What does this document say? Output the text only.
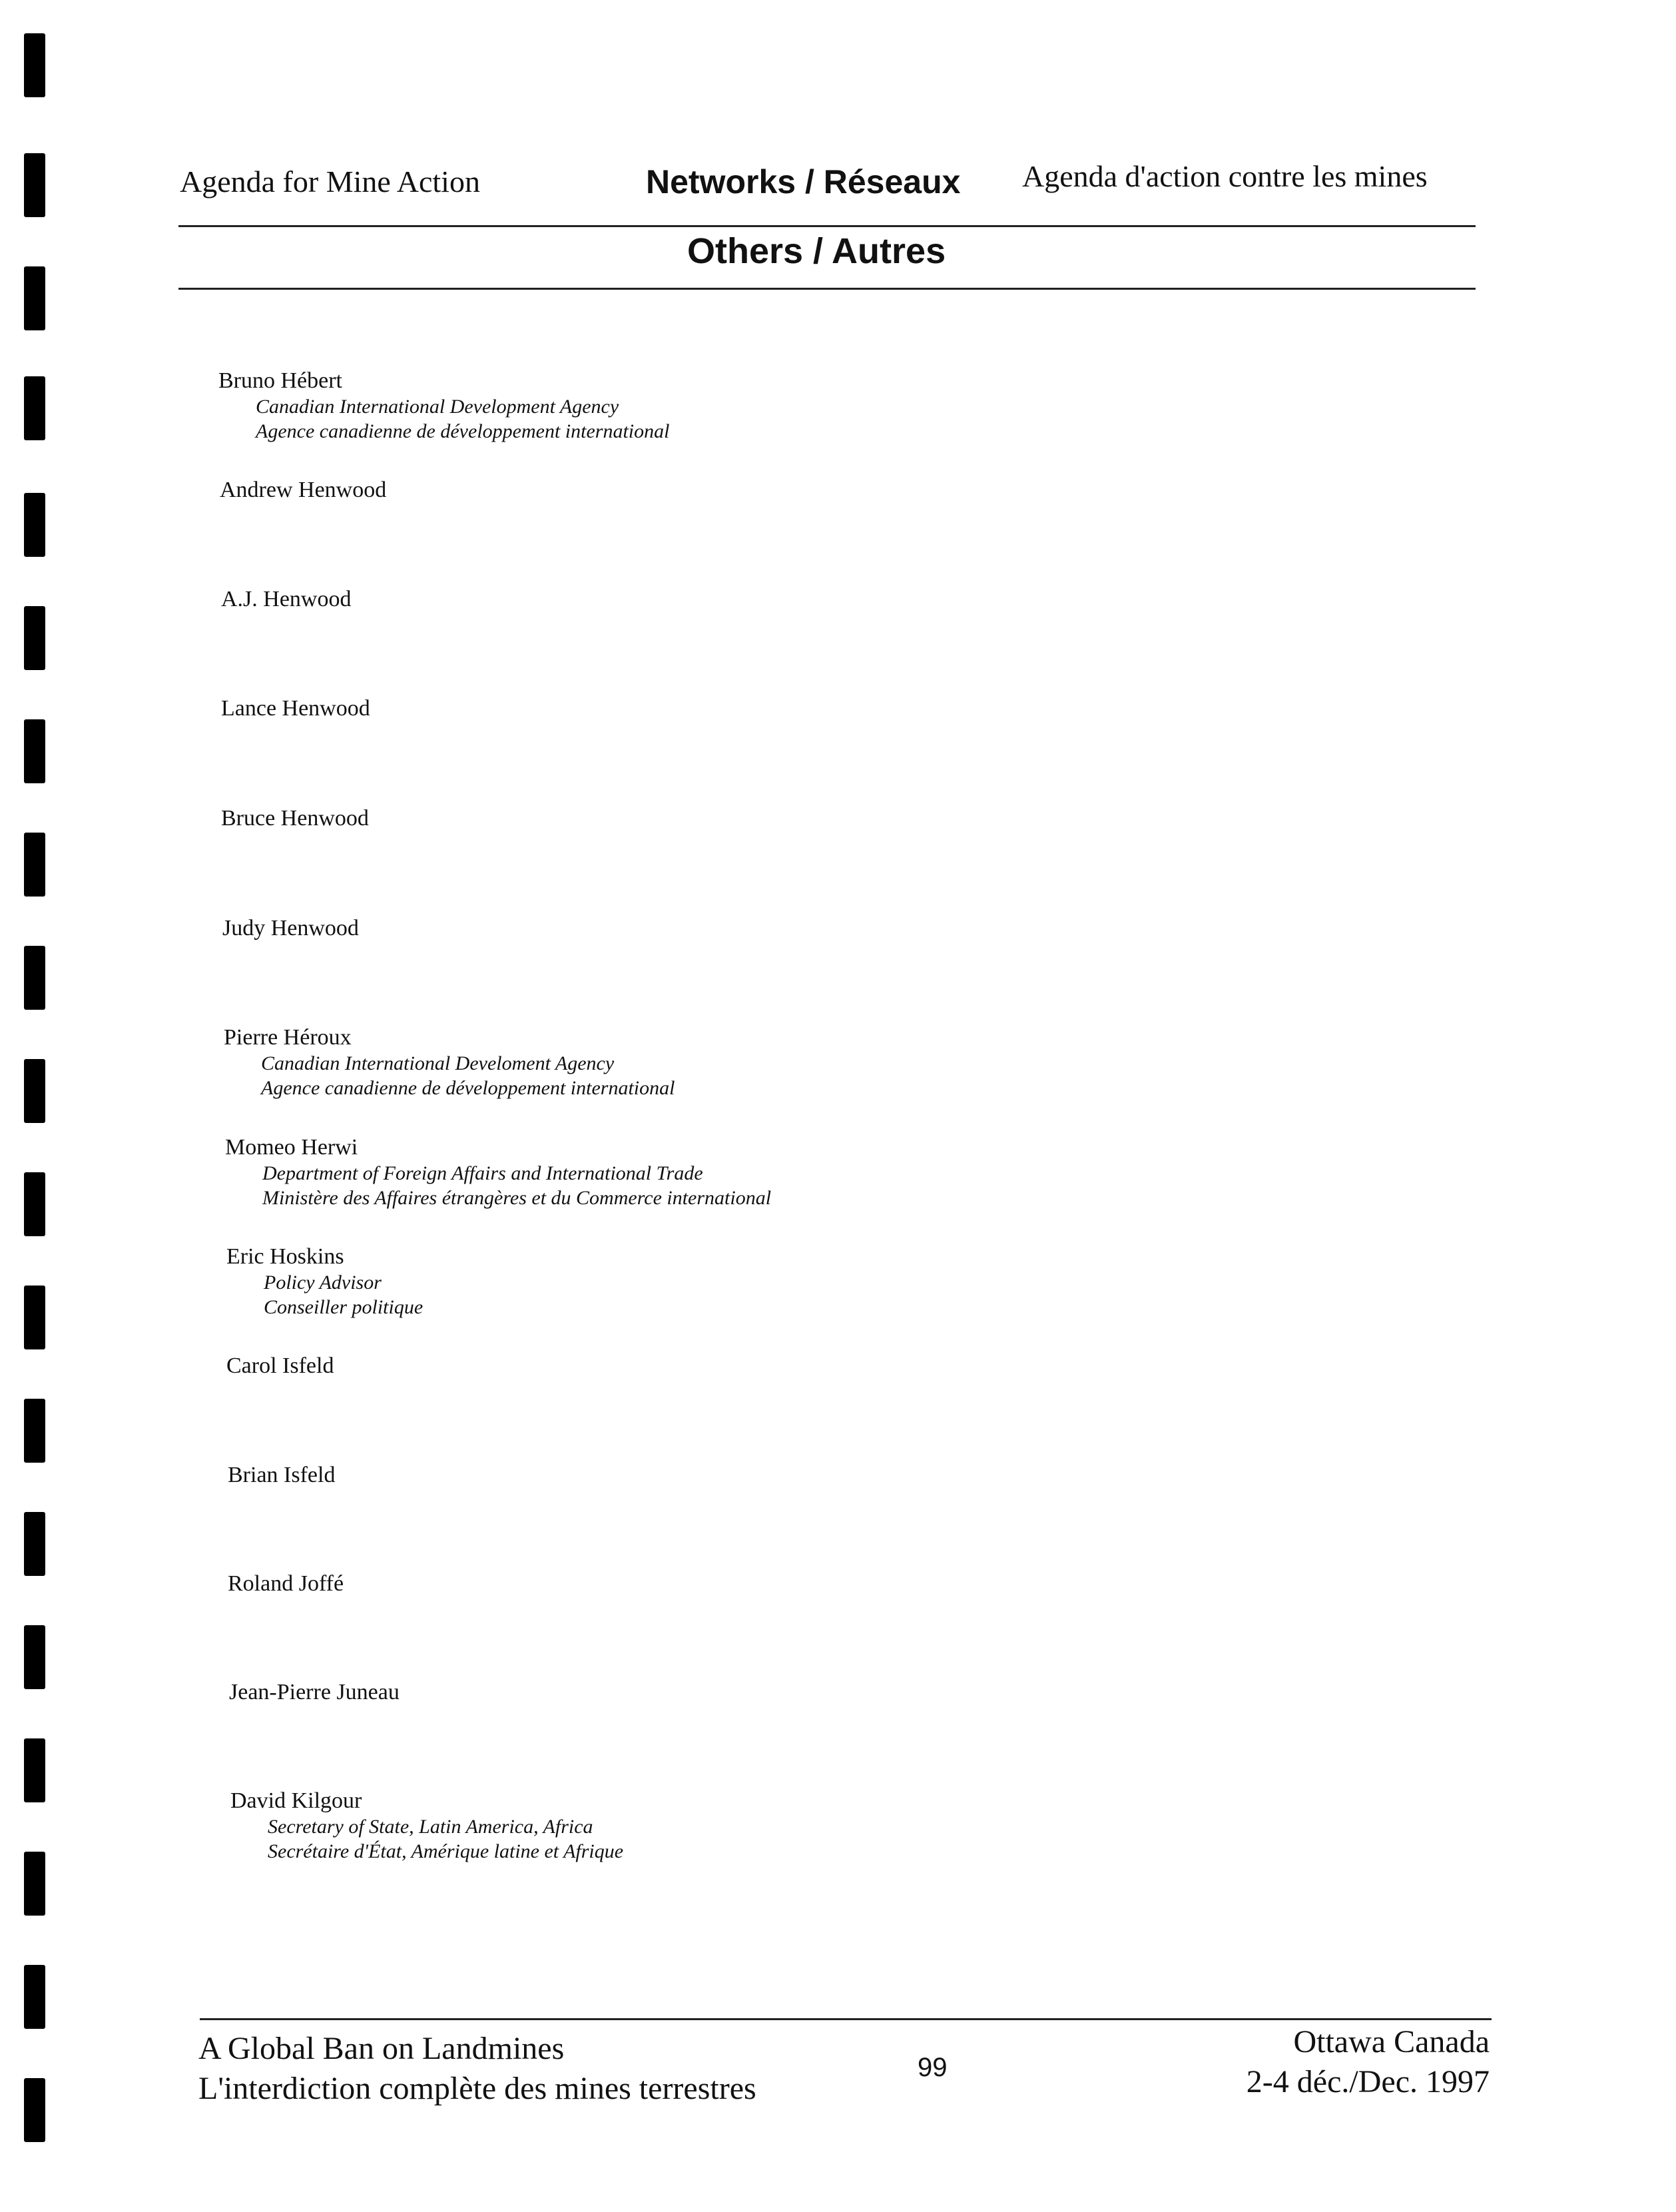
Agenda for Mine Action	Networks / Réseaux Agenda d'action contre les mines
Others / Autres
Bruno Hébert
Canadian International Development Agency
Agence canadienne de développement international
Andrew Henwood
A.J. Henwood
Lance Henwood
Bruce Henwood
Judy Henwood
Pierre Héroux
Canadian International Develoment Agency
Agence canadienne de développement international
Momeo Herwi
Department of Foreign Affairs and International Trade
Ministère des Affaires étrangères et du Commerce international
Eric Hoskins
Policy Advisor
Conseiller politique
Carol Isfeld
Brian Isfeld
Roland Joffé
Jean-Pierre Juneau
David Kilgour
Secretary of State, Latin America, Africa
Secrétaire d'État, Amérique latine et Afrique
A Global Ban on Landmines
L'interdiction complète des mines terrestres
99
Ottawa Canada
2-4 déc./Dec. 1997
